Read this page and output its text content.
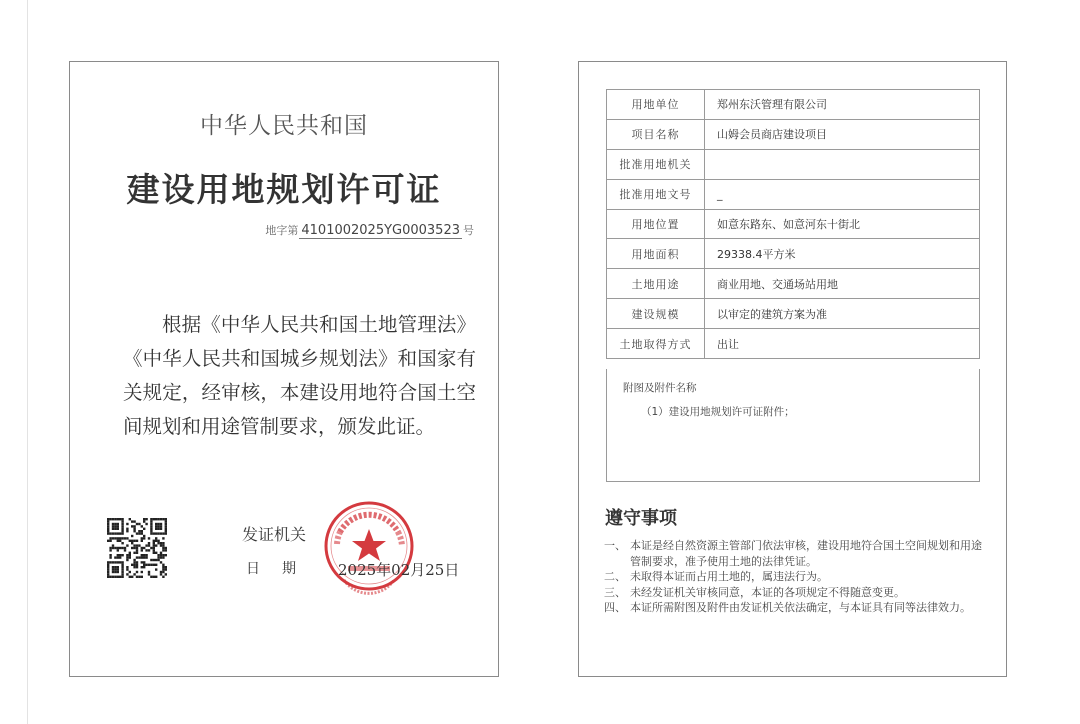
中华人民共和国
建设用地规划许可证
地字第 4101002025YG0003523 号
根据《中华人民共和国土地管理法》《中华人民共和国城乡规划法》和国家有关规定，经审核，本建设用地符合国土空间规划和用途管制要求，颁发此证。
发证机关
日期 2025年02月25日
用地单位	郑州东沃管理有限公司
项目名称	山姆会员商店建设项目
批准用地机关	
批准用地文号	_
用地位置	如意东路东、如意河东十街北
用地面积	29338.4平方米
土地用途	商业用地、交通场站用地
建设规模	以审定的建筑方案为准
土地取得方式	出让
附图及附件名称
（1）建设用地规划许可证附件；
遵守事项
一、 本证是经自然资源主管部门依法审核，建设用地符合国土空间规划和用途管制要求，准予使用土地的法律凭证。
二、 未取得本证而占用土地的，属违法行为。
三、 未经发证机关审核同意，本证的各项规定不得随意变更。
四、 本证所需附图及附件由发证机关依法确定，与本证具有同等法律效力。
